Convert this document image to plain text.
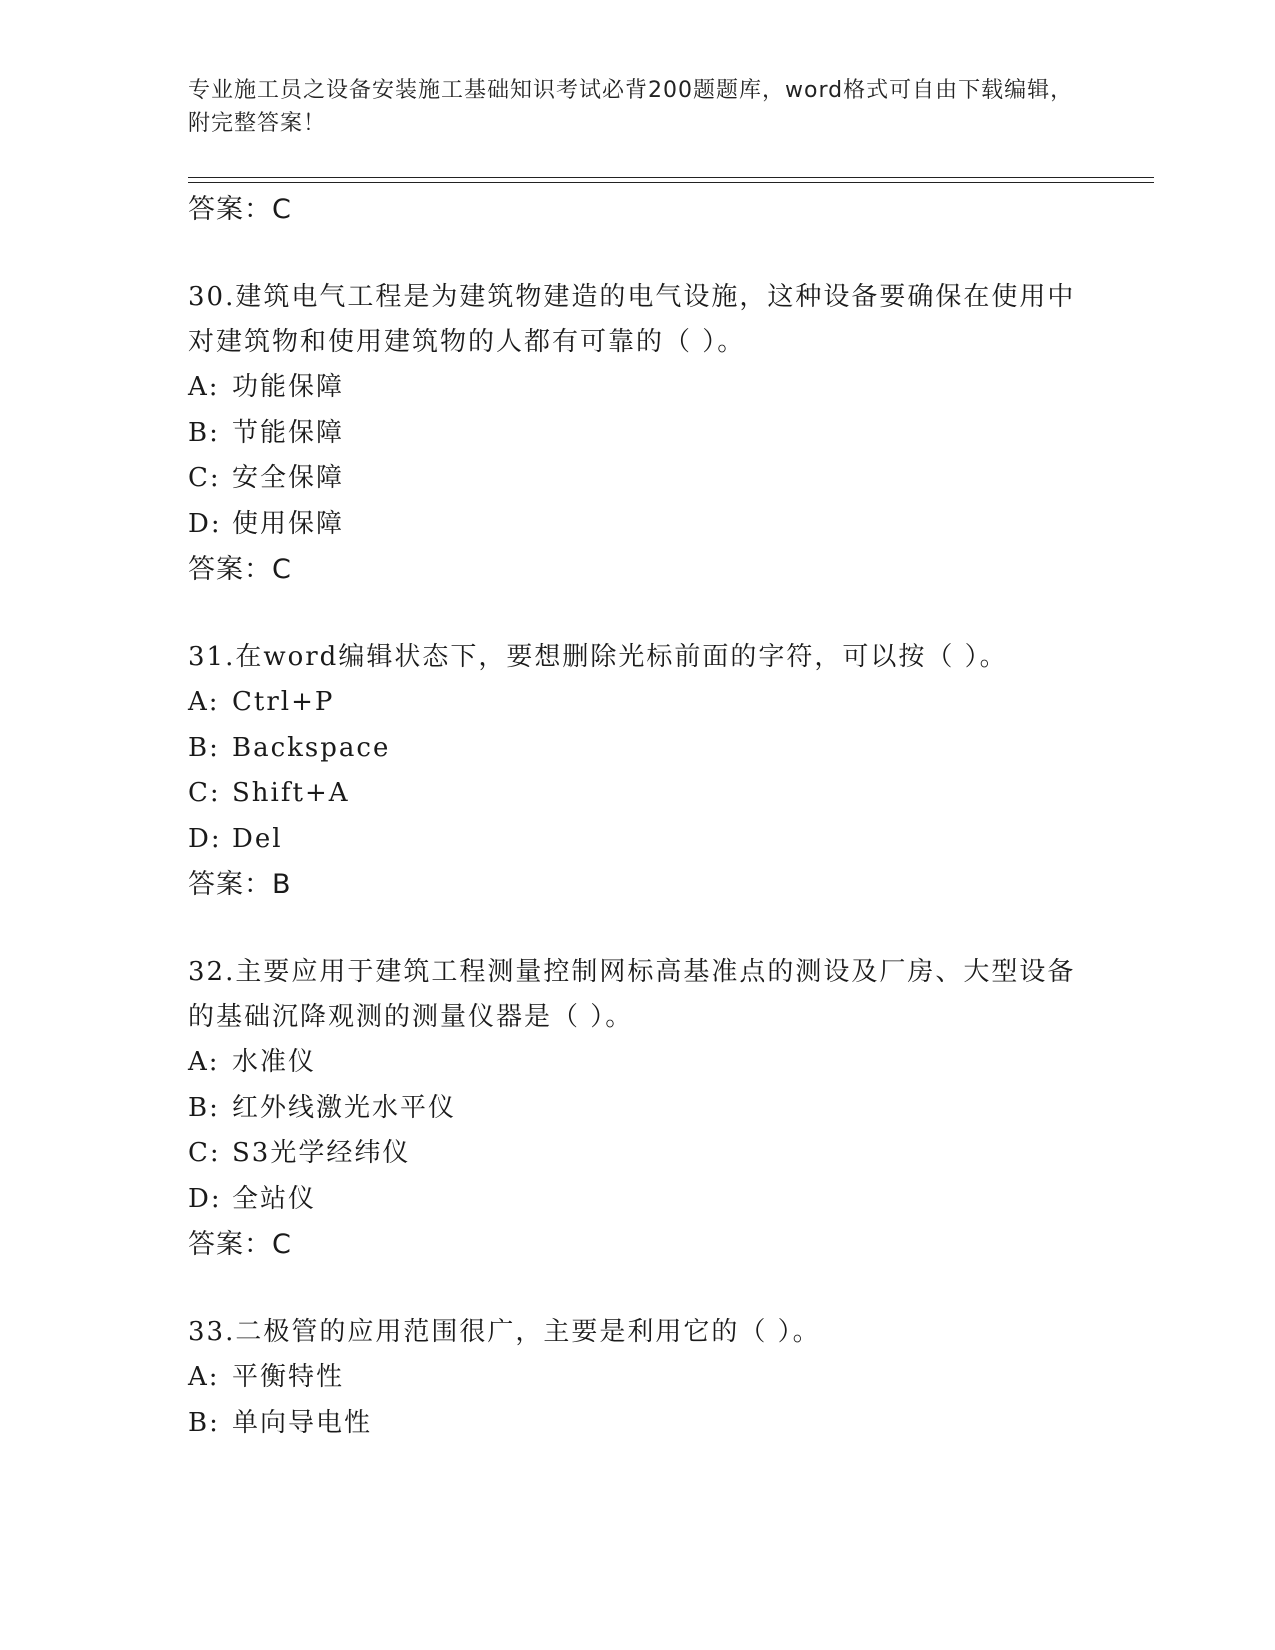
专业施工员之设备安装施工基础知识考试必背200题题库，word格式可自由下载编辑，附完整答案！
答案：C

30.建筑电气工程是为建筑物建造的电气设施，这种设备要确保在使用中对建筑物和使用建筑物的人都有可靠的（ ）。

A: 功能保障
B: 节能保障
C: 安全保障
D: 使用保障
答案：C

31.在word编辑状态下，要想删除光标前面的字符，可以按（ ）。

A: Ctrl+P
B: Backspace
C: Shift+A
D: Del
答案：B

32.主要应用于建筑工程测量控制网标高基准点的测设及厂房、大型设备的基础沉降观测的测量仪器是（ ）。

A: 水准仪
B: 红外线激光水平仪
C: S3光学经纬仪
D: 全站仪
答案：C

33.二极管的应用范围很广，主要是利用它的（ ）。

A: 平衡特性
B: 单向导电性
